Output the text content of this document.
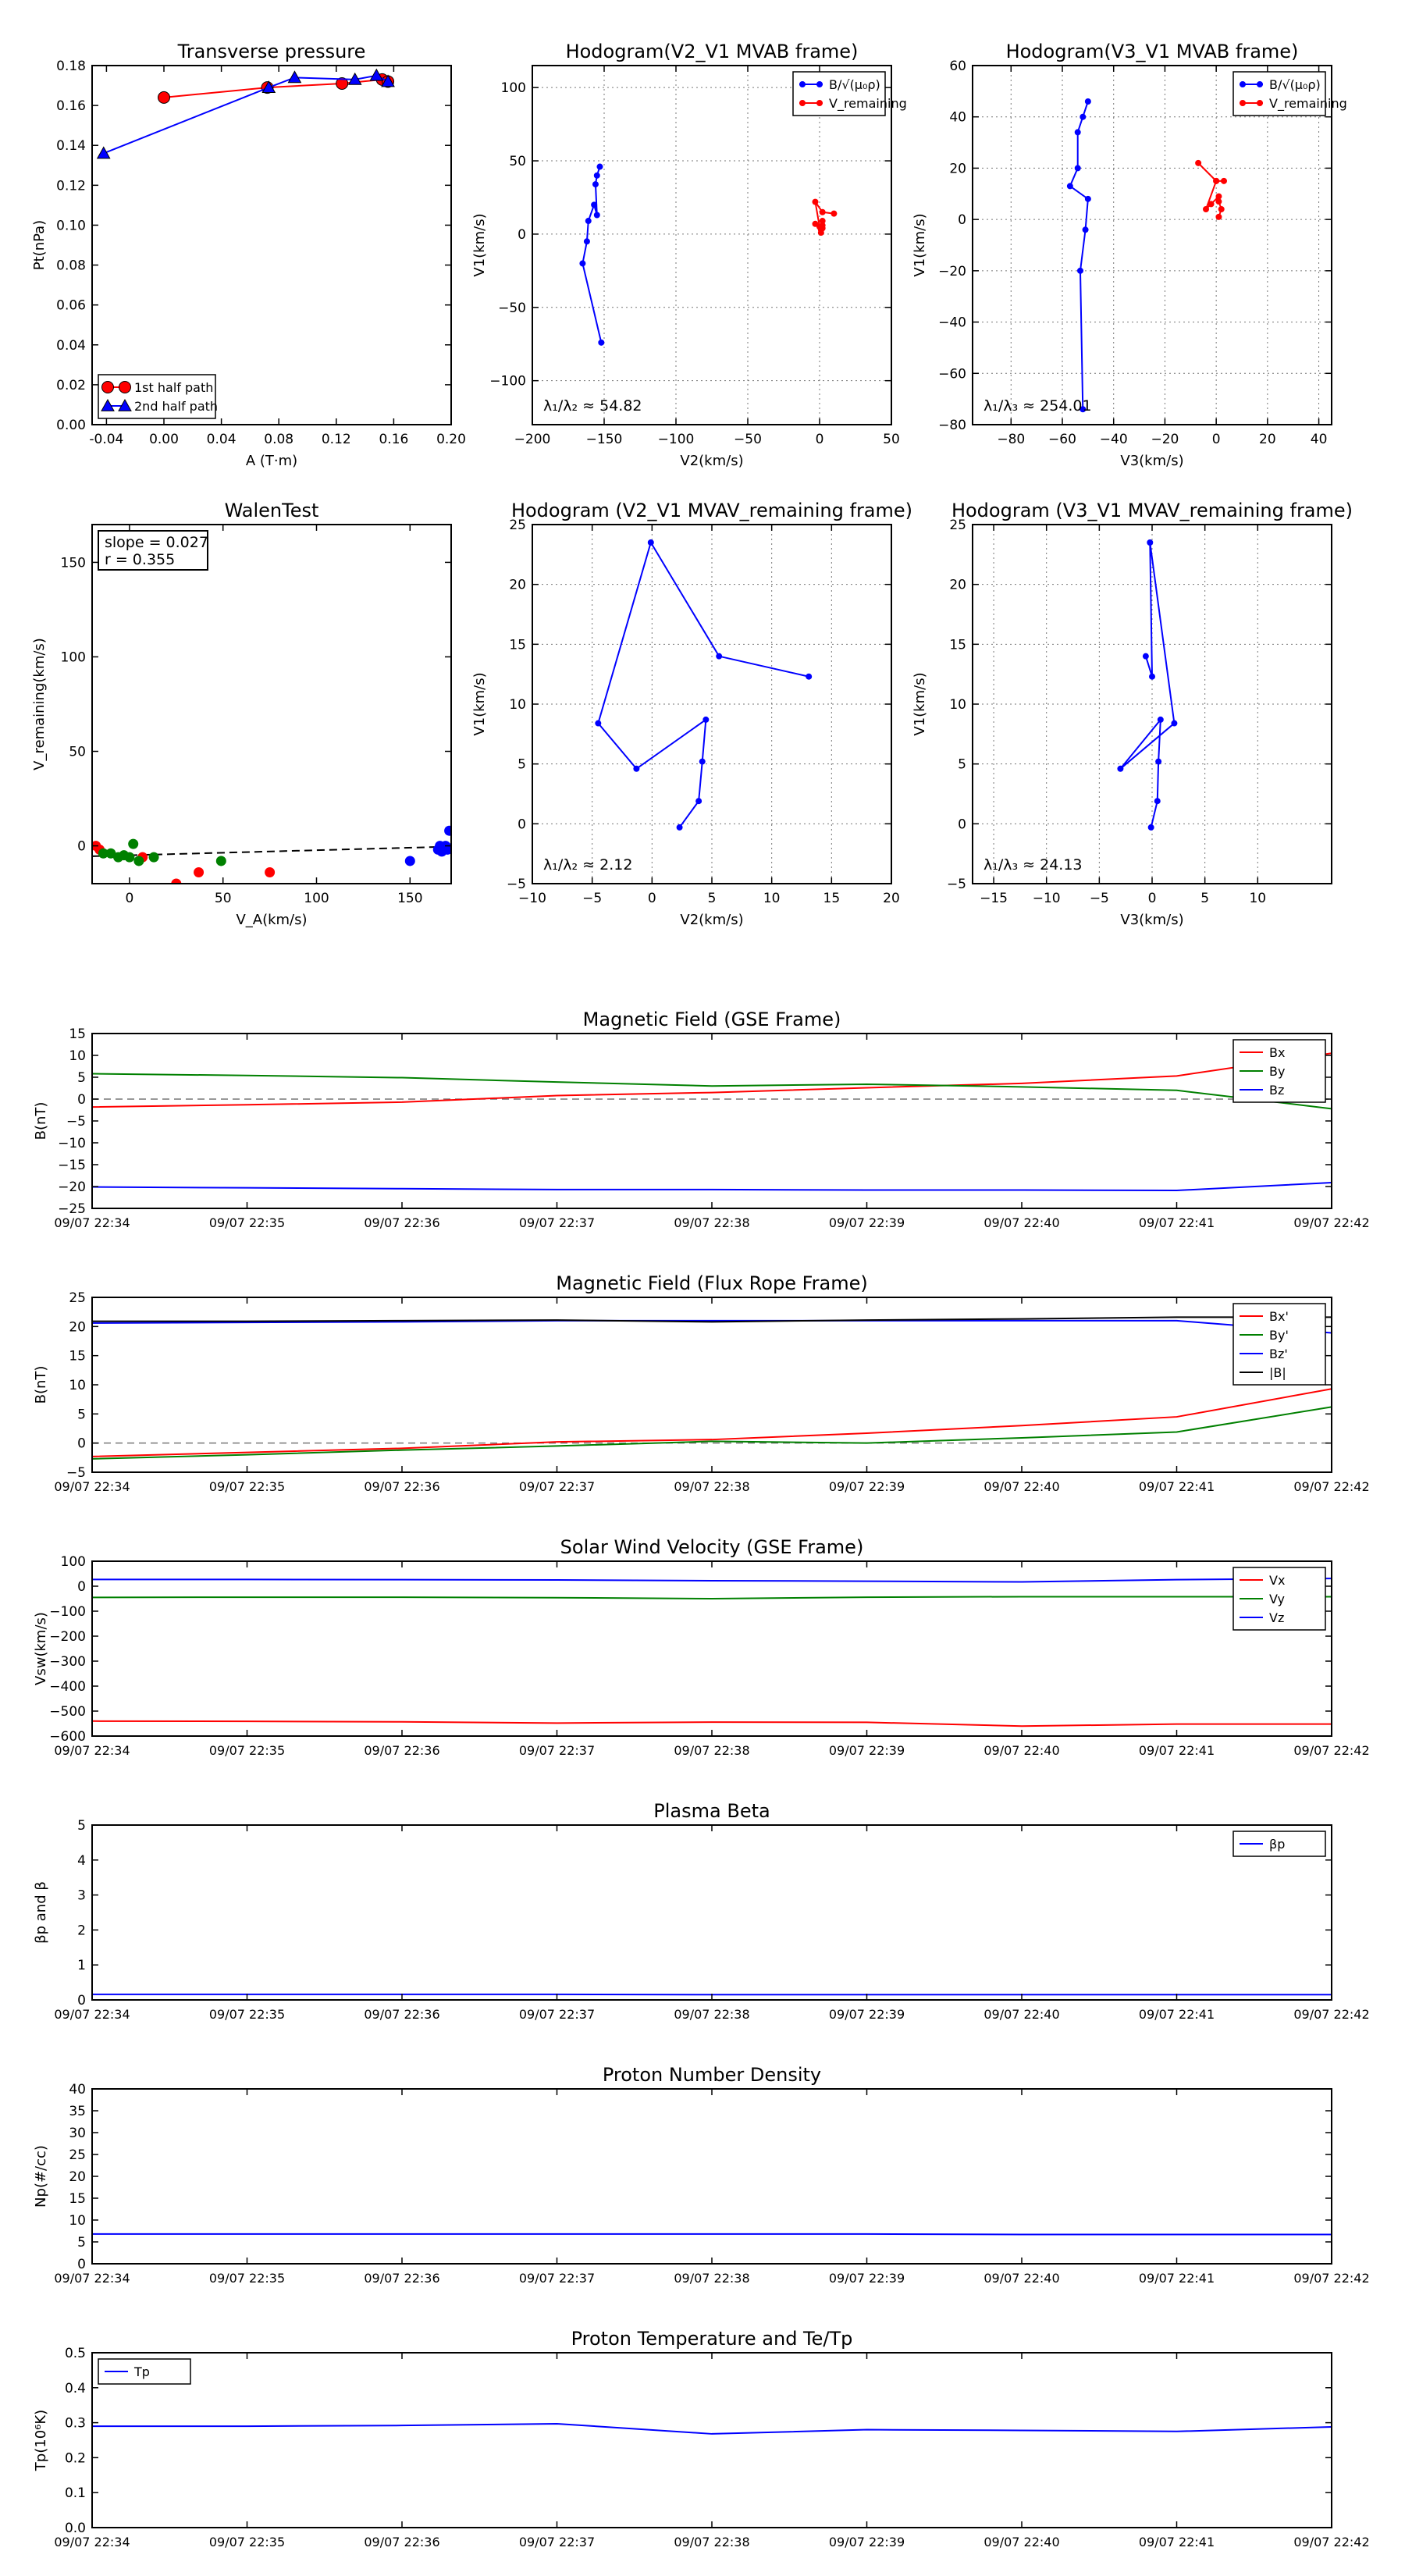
-0.04 0.00 0.04 0.08 0.12 0.16 0.20
0.00
0.02
0.04
0.06
0.08
0.10
0.12
0.14
0.16
0.18
Transverse pressure
A (T·m)
Pt(nPa)
1st half path
2nd half path
−200	−150	−100	−50	0	50
−100
−50
0
50
100
Hodogram(V2_V1 MVAB frame)
V2(km/s)
V1(km/s)
λ₁/λ₂ ≈ 54.82
B/√(μ₀ρ)
V_remaining
−80 −60 −40 −20 0	20	40
−80
−60
−40
−20
0
20
40
60
Hodogram(V3_V1 MVAB frame)
V3(km/s)
V1(km/s)
λ₁/λ₃ ≈ 254.01
B/√(μ₀ρ)
V_remaining
0	50	100	150
0
50
100
150
WalenTest
V_A(km/s)
V_remaining(km/s)
slope = 0.027
r = 0.355
−10	−5	0	5	10	15	20
−5
0
5
10
15
20
25
Hodogram (V2_V1 MVAV_remaining frame)
V2(km/s)
V1(km/s)
λ₁/λ₂ ≈ 2.12
−15 −10 −5	0	5	10
−5
0
5
10
15
20
25
Hodogram (V3_V1 MVAV_remaining frame)
V3(km/s)
V1(km/s)
λ₁/λ₃ ≈ 24.13
09/07 22:34	09/07 22:35	09/07 22:36	09/07 22:37	09/07 22:38	09/07 22:39	09/07 22:40	09/07 22:41	09/07 22:42
−25
−20
−15
−10
−5
0
5
10
15
Magnetic Field (GSE Frame)
B(nT)
Bx
By
Bz
09/07 22:34	09/07 22:35	09/07 22:36	09/07 22:37	09/07 22:38	09/07 22:39	09/07 22:40	09/07 22:41	09/07 22:42
−5
0
5
10
15
20
25
Magnetic Field (Flux Rope Frame)
B(nT)
Bx'
By'
Bz'
|B|
09/07 22:34	09/07 22:35	09/07 22:36	09/07 22:37	09/07 22:38	09/07 22:39	09/07 22:40	09/07 22:41	09/07 22:42
−600
−500
−400
−300
−200
−100
0
100
Solar Wind Velocity (GSE Frame)
Vsw(km/s)
Vx
Vy
Vz
09/07 22:34	09/07 22:35	09/07 22:36	09/07 22:37	09/07 22:38	09/07 22:39	09/07 22:40	09/07 22:41	09/07 22:42
0
1
2
3
4
5
Plasma Beta
βp and β
βp
09/07 22:34	09/07 22:35	09/07 22:36	09/07 22:37	09/07 22:38	09/07 22:39	09/07 22:40	09/07 22:41	09/07 22:42
0
5
10
15
20
25
30
35
40
Proton Number Density
Np(#/cc)
09/07 22:34	09/07 22:35	09/07 22:36	09/07 22:37	09/07 22:38	09/07 22:39	09/07 22:40	09/07 22:41	09/07 22:42
0.0
0.1
0.2
0.3
0.4
0.5
Proton Temperature and Te/Tp
Tp(10⁶K)
Tp
